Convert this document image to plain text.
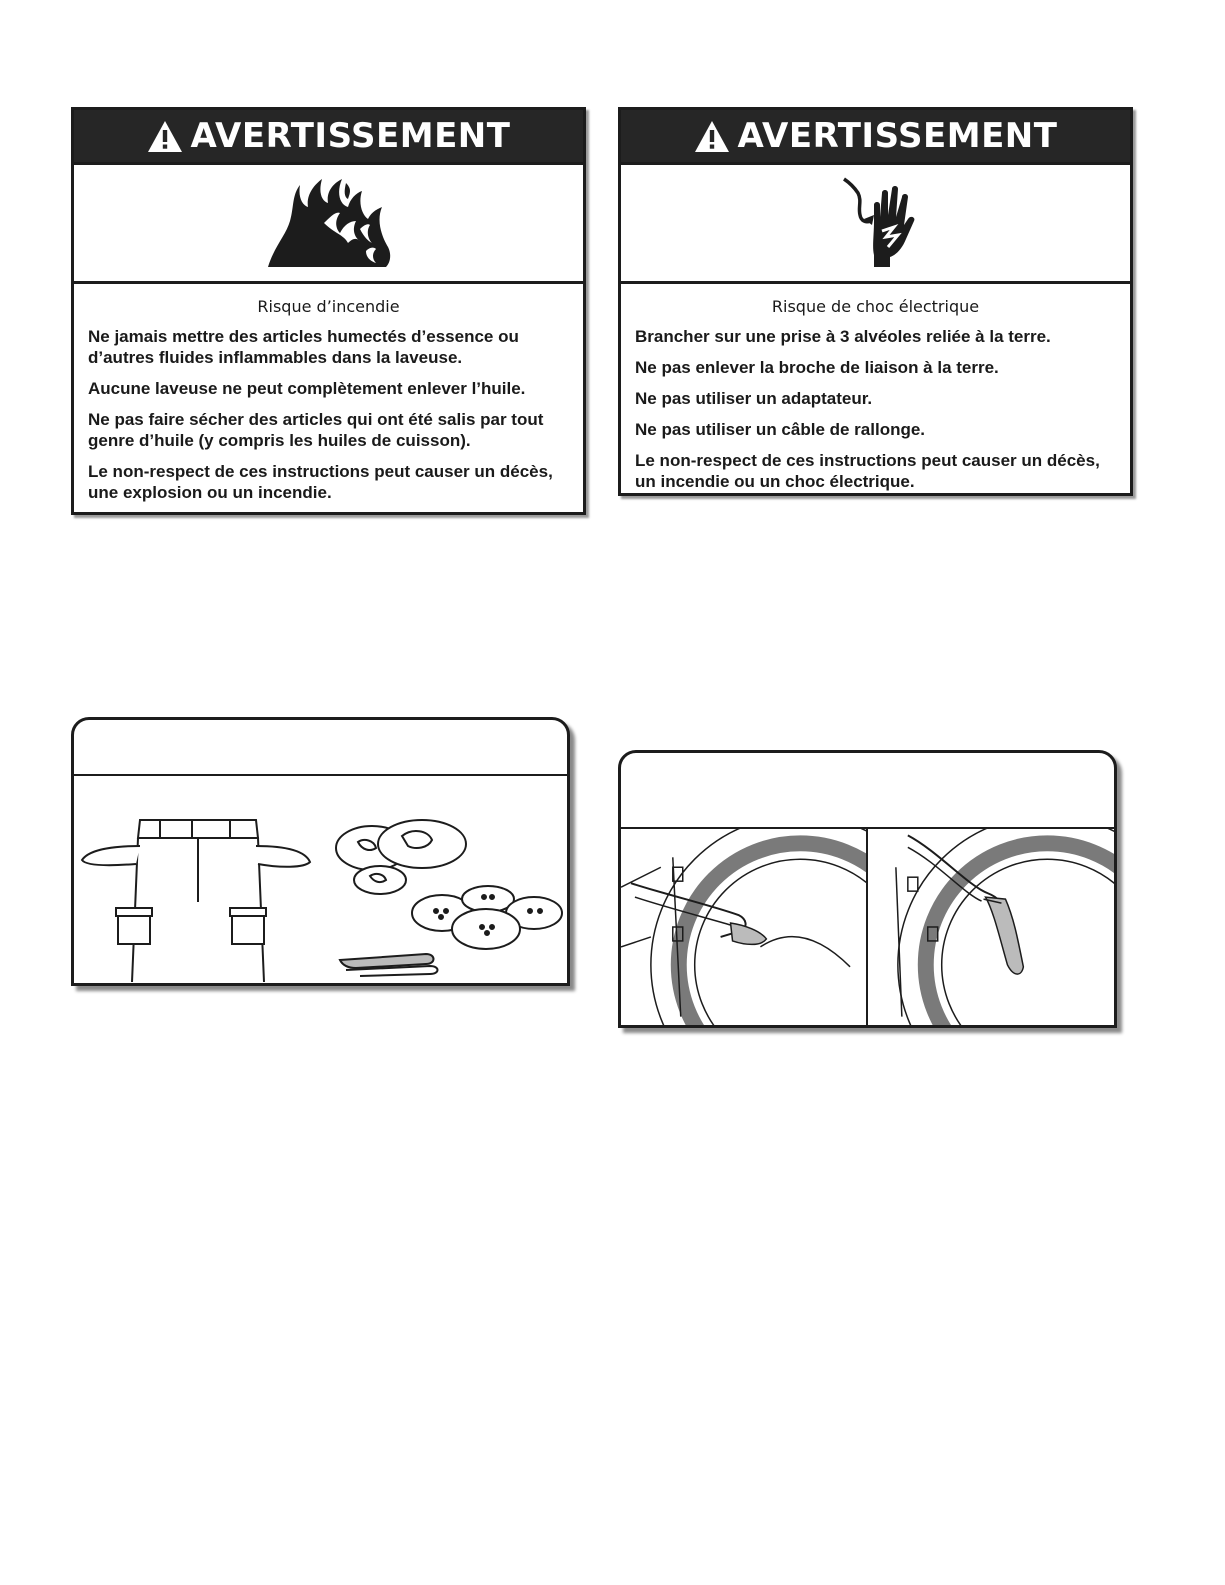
AVERTISSEMENT
Risque d’incendie

Ne jamais mettre des articles humectés d’essence ou d’autres fluides inflammables dans la laveuse.

Aucune laveuse ne peut complètement enlever l’huile.

Ne pas faire sécher des articles qui ont été salis par tout genre d’huile (y compris les huiles de cuisson).

Le non-respect de ces instructions peut causer un décès, une explosion ou un incendie.

AVERTISSEMENT
Risque de choc électrique

Brancher sur une prise à 3 alvéoles reliée à la terre.

Ne pas enlever la broche de liaison à la terre.

Ne pas utiliser un adaptateur.

Ne pas utiliser un câble de rallonge.

Le non-respect de ces instructions peut causer un décès, un incendie ou un choc électrique.
